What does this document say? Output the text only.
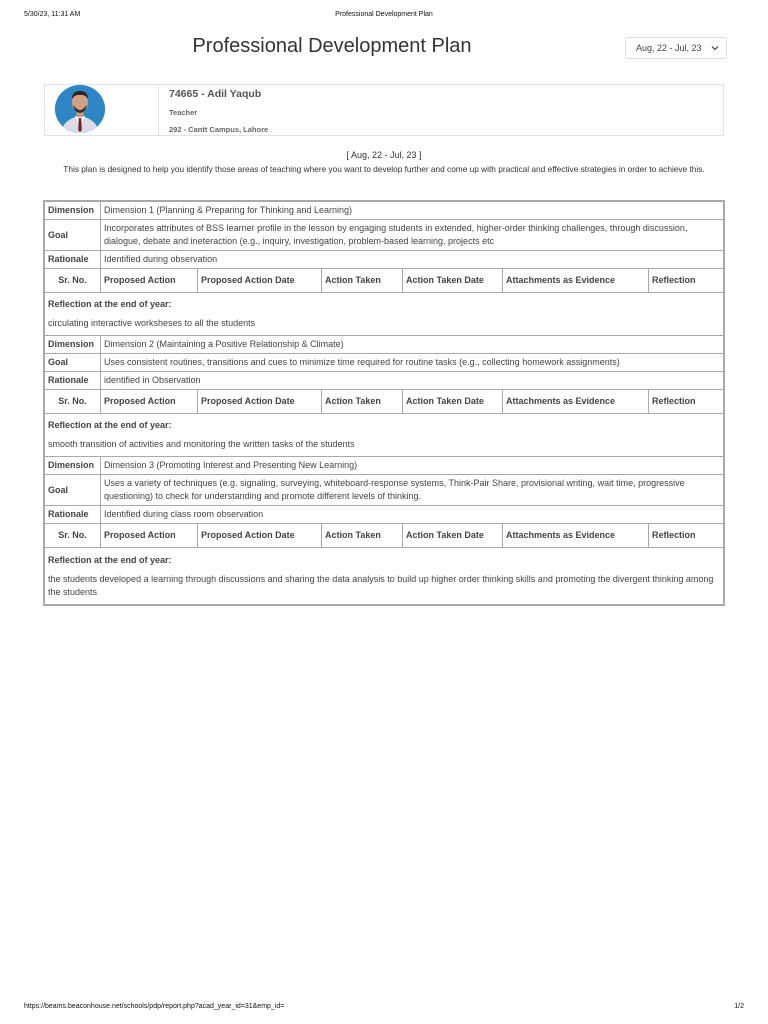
5/30/23, 11:31 AM	Professional Development Plan
Professional Development Plan	Aug, 22 - Jul, 23
74665 - Adil Yaqub
Teacher
292 - Cantt Campus, Lahore
[ Aug, 22 - Jul, 23 ]
This plan is designed to help you identify those areas of teaching where you want to develop further and come up with practical and effective strategies in order to achieve this.
Dimension	Dimension 1 (Planning & Preparing for Thinking and Learning)					
Goal	Incorporates attributes of BSS learner profile in the lesson by engaging students in extended, higher-order thinking challenges, through discussion, dialogue, debate and ineteraction (e.g., inquiry, investigation, problem-based learning, projects etc					
Rationale	Identified during observation					
Sr. No.	Proposed Action	Proposed Action Date	Action Taken	Action Taken Date	Attachments as Evidence	Reflection

Reflection at the end of year:
circulating interactive worksheses to all the students						

Dimension	Dimension 2 (Maintaining a Positive Relationship & Climate)					
Goal	Uses consistent routines, transitions and cues to minimize time required for routine tasks (e.g., collecting homework assignments)					
Rationale	identified in Observation					
Sr. No.	Proposed Action	Proposed Action Date	Action Taken	Action Taken Date	Attachments as Evidence	Reflection

Reflection at the end of year:
smooth transition of activities and monitoring the written tasks of the students						

Dimension	Dimension 3 (Promoting Interest and Presenting New Learning)					
Goal	Uses a variety of techniques (e.g. signaling, surveying, whiteboard-response systems, Think-Pair Share, provisional writing, wait time, progressive questioning) to check for understanding and promote different levels of thinking.					
Rationale	Identified during class room observation					
Sr. No.	Proposed Action	Proposed Action Date	Action Taken	Action Taken Date	Attachments as Evidence	Reflection

Reflection at the end of year:
the students developed a learning through discussions and sharing the data analysis to build up higher order thinking skills and promoting the divergent thinking among the students						
https://beams.beaconhouse.net/schools/pdp/report.php?acad_year_id=31&emp_id=	1/2
